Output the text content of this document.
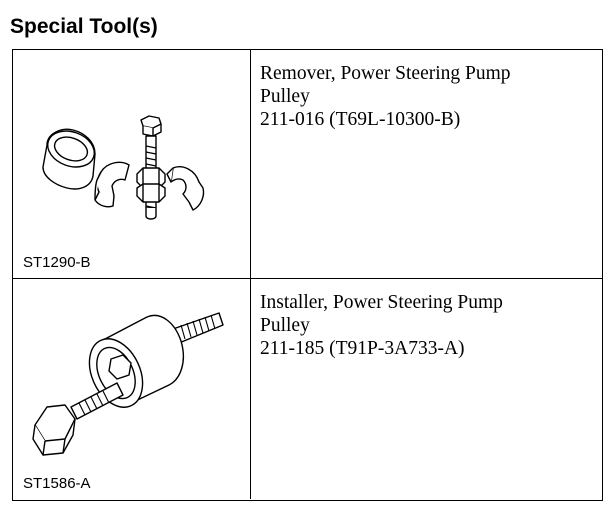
Special Tool(s)
ST1290-B
Remover, Power Steering Pump
Pulley
211-016 (T69L-10300-B)
ST1586-A
Installer, Power Steering Pump
Pulley
211-185 (T91P-3A733-A)
